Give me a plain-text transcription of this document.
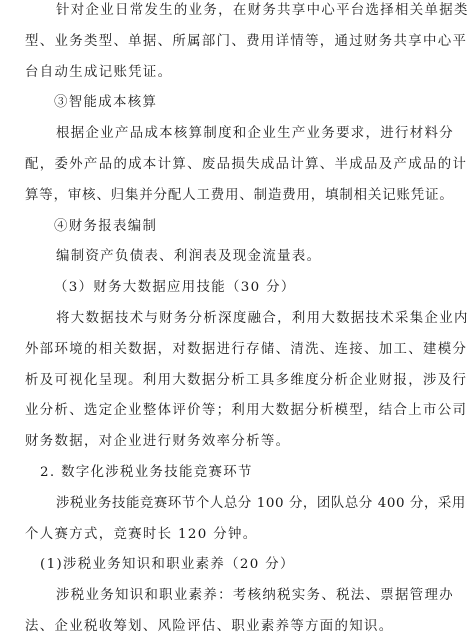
针对企业日常发生的业务，在财务共享中心平台选择相关单据类
型、业务类型、单据、所属部门、费用详情等，通过财务共享中心平
台自动生成记账凭证。
③智能成本核算
根据企业产品成本核算制度和企业生产业务要求，进行材料分
配，委外产品的成本计算、废品损失成品计算、半成品及产成品的计
算等，审核、归集并分配人工费用、制造费用，填制相关记账凭证。
④财务报表编制
编制资产负债表、利润表及现金流量表。
（3）财务大数据应用技能（30 分）
将大数据技术与财务分析深度融合，利用大数据技术采集企业内
外部环境的相关数据，对数据进行存储、清洗、连接、加工、建模分
析及可视化呈现。利用大数据分析工具多维度分析企业财报，涉及行
业分析、选定企业整体评价等；利用大数据分析模型，结合上市公司
财务数据，对企业进行财务效率分析等。
2. 数字化涉税业务技能竞赛环节
涉税业务技能竞赛环节个人总分 100 分，团队总分 400 分，采用
个人赛方式，竞赛时长 120 分钟。
(1)涉税业务知识和职业素养（20 分）
涉税业务知识和职业素养：考核纳税实务、税法、票据管理办
法、企业税收筹划、风险评估、职业素养等方面的知识。
